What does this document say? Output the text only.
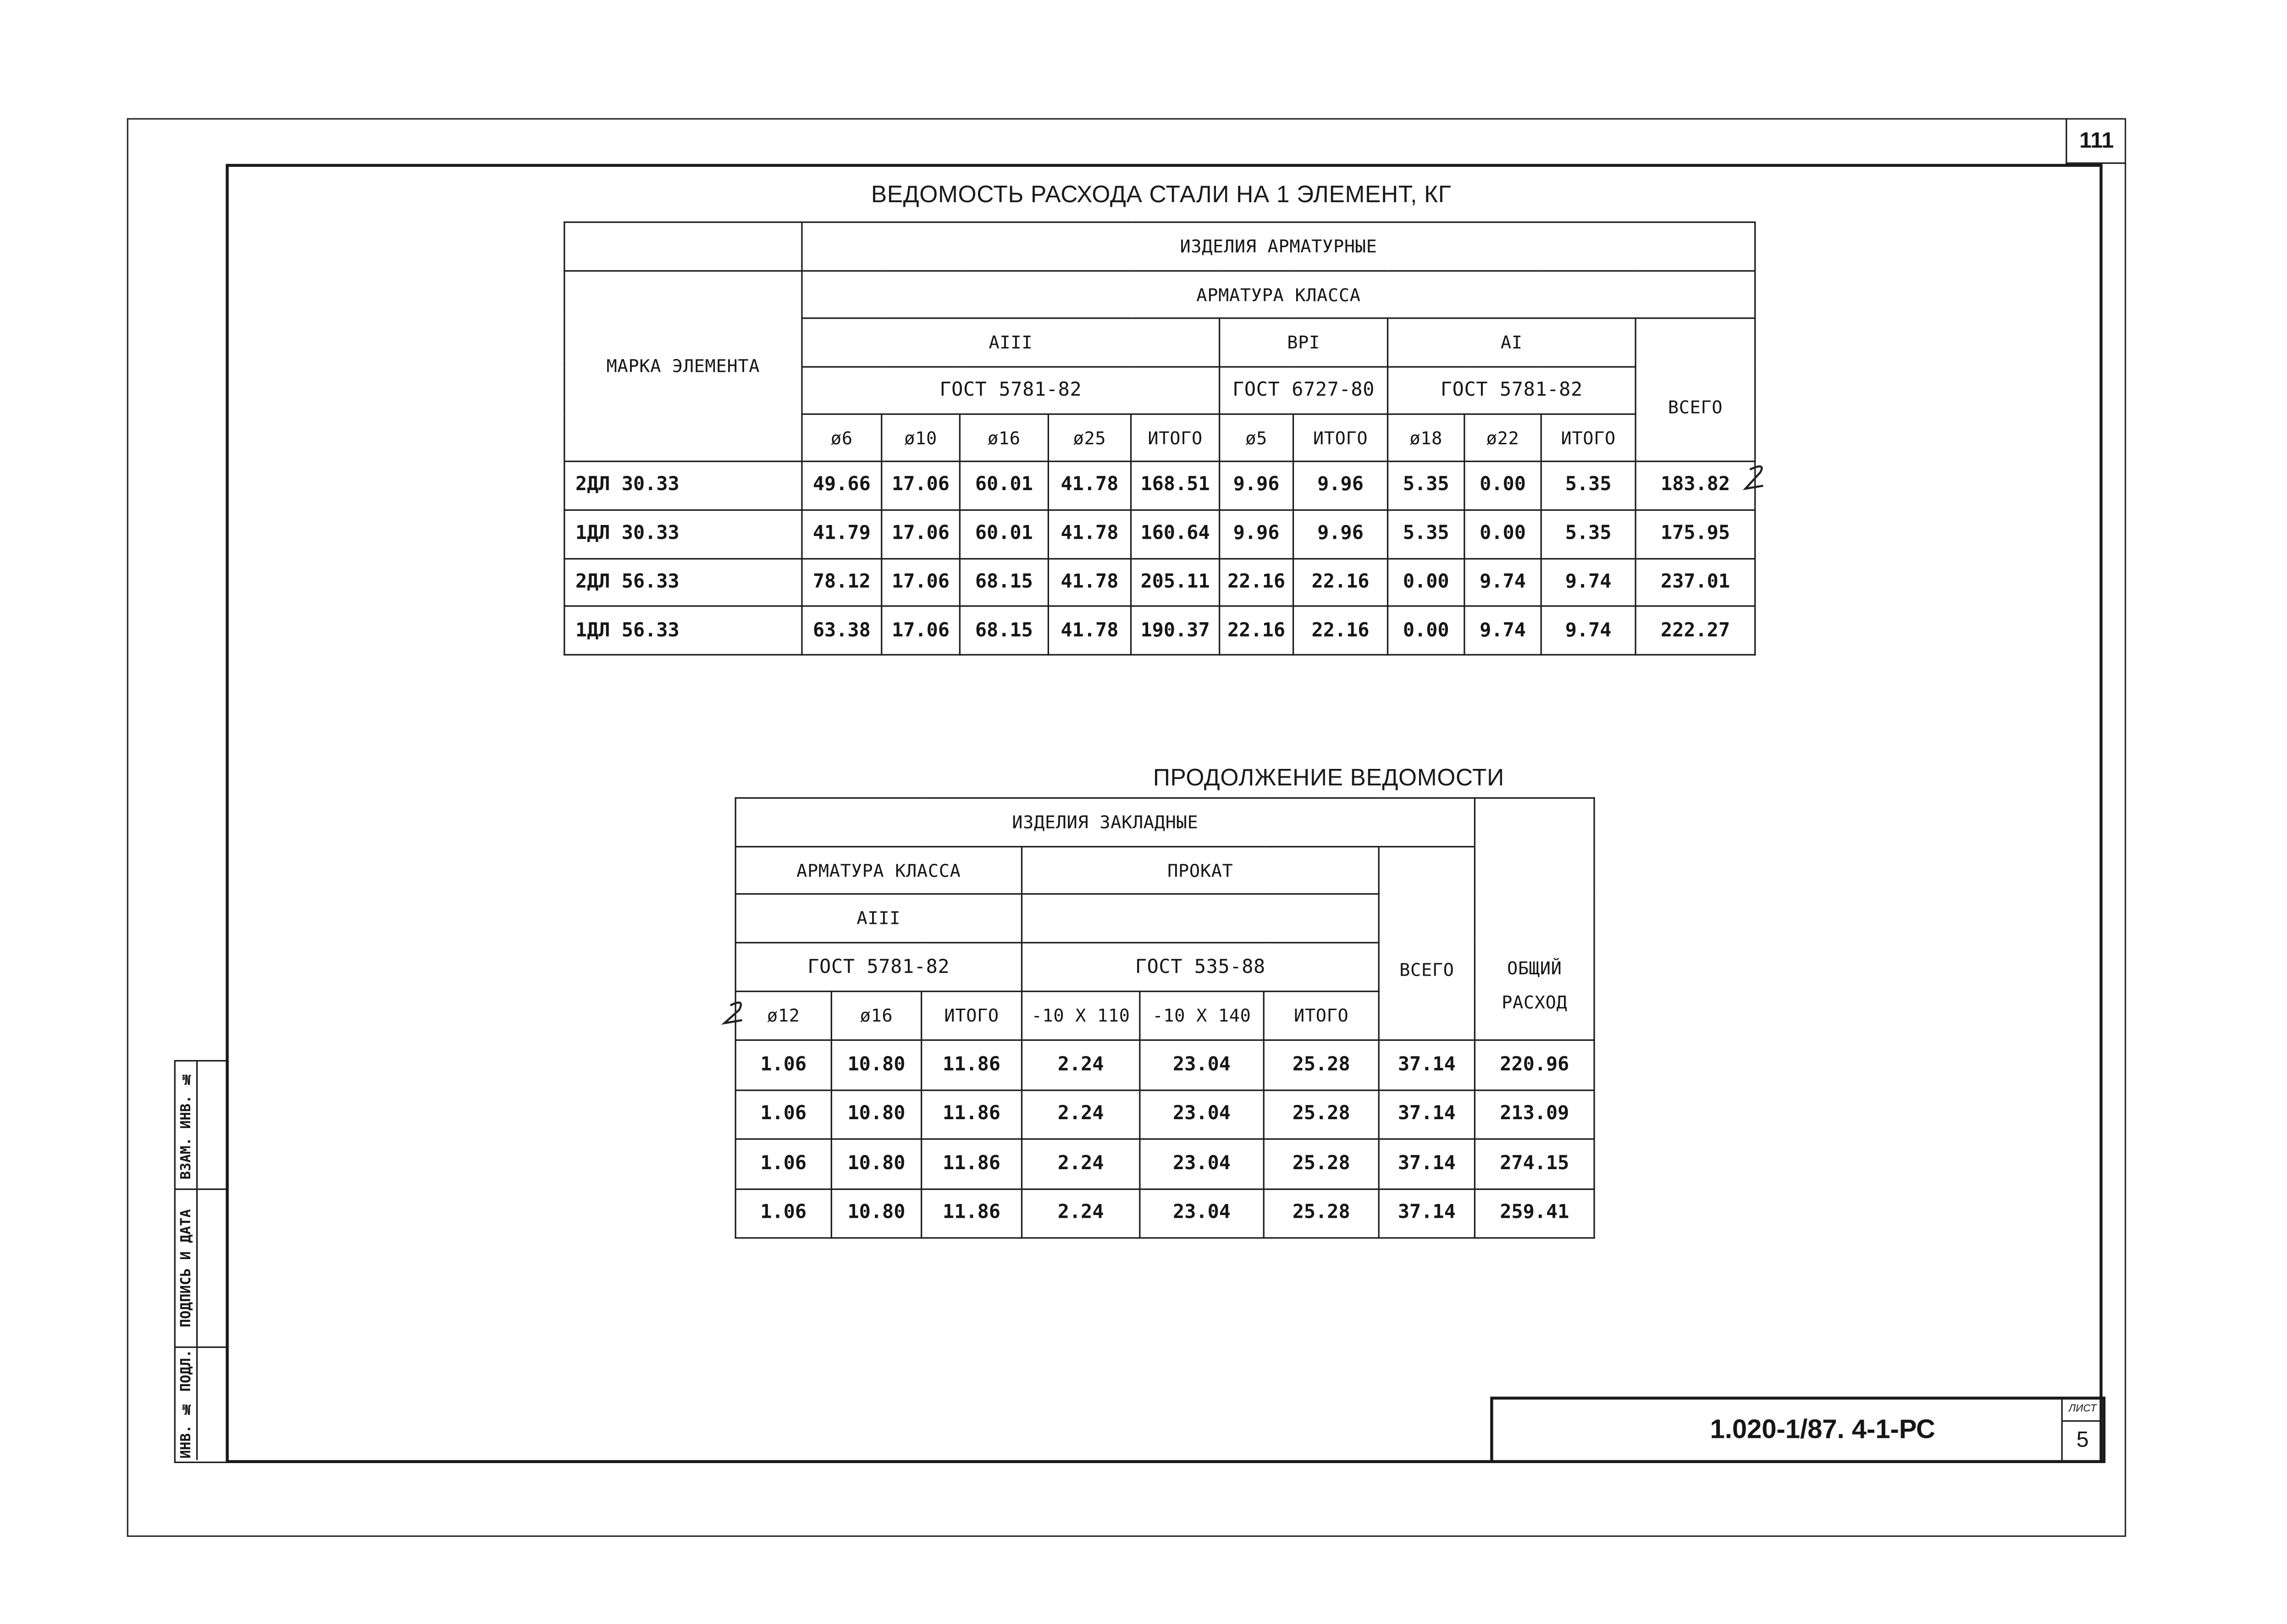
111
ВЗАМ. ИНВ. №
ПОДПИСЬ И ДАТА
ИНВ. № ПОДЛ.
ВЕДОМОСТЬ РАСХОДА СТАЛИ НА 1 ЭЛЕМЕНТ, КГ
	ИЗДЕЛИЯ АРМАТУРНЫЕ										
МАРКА ЭЛЕМЕНТА	АРМАТУРА КЛАССА										
	АIII					ВРI		АI			ВСЕГО
	ГОСТ 5781-82					ГОСТ 6727-80		ГОСТ 5781-82			
	ø6	ø10	ø16	ø25	ИТОГО	ø5	ИТОГО	ø18	ø22	ИТОГО	
2ДЛ 30.33	49.66	17.06	60.01	41.78	168.51	9.96	9.96	5.35	0.00	5.35	183.82
1ДЛ 30.33	41.79	17.06	60.01	41.78	160.64	9.96	9.96	5.35	0.00	5.35	175.95
2ДЛ 56.33	78.12	17.06	68.15	41.78	205.11	22.16	22.16	0.00	9.74	9.74	237.01
1ДЛ 56.33	63.38	17.06	68.15	41.78	190.37	22.16	22.16	0.00	9.74	9.74	222.27
ПРОДОЛЖЕНИЕ ВЕДОМОСТИ
ИЗДЕЛИЯ ЗАКЛАДНЫЕ							ОБЩИЙ
РАСХОД

АРМАТУРА КЛАССА			ПРОКАТ			ВСЕГО	
АIII							
ГОСТ 5781-82			ГОСТ 535-88				
ø12	ø16	ИТОГО	-10 X 110	-10 X 140	ИТОГО		
1.06	10.80	11.86	2.24	23.04	25.28	37.14	220.96
1.06	10.80	11.86	2.24	23.04	25.28	37.14	213.09
1.06	10.80	11.86	2.24	23.04	25.28	37.14	274.15
1.06	10.80	11.86	2.24	23.04	25.28	37.14	259.41
1.020-1/87. 4-1-РС
ЛИСТ
5
